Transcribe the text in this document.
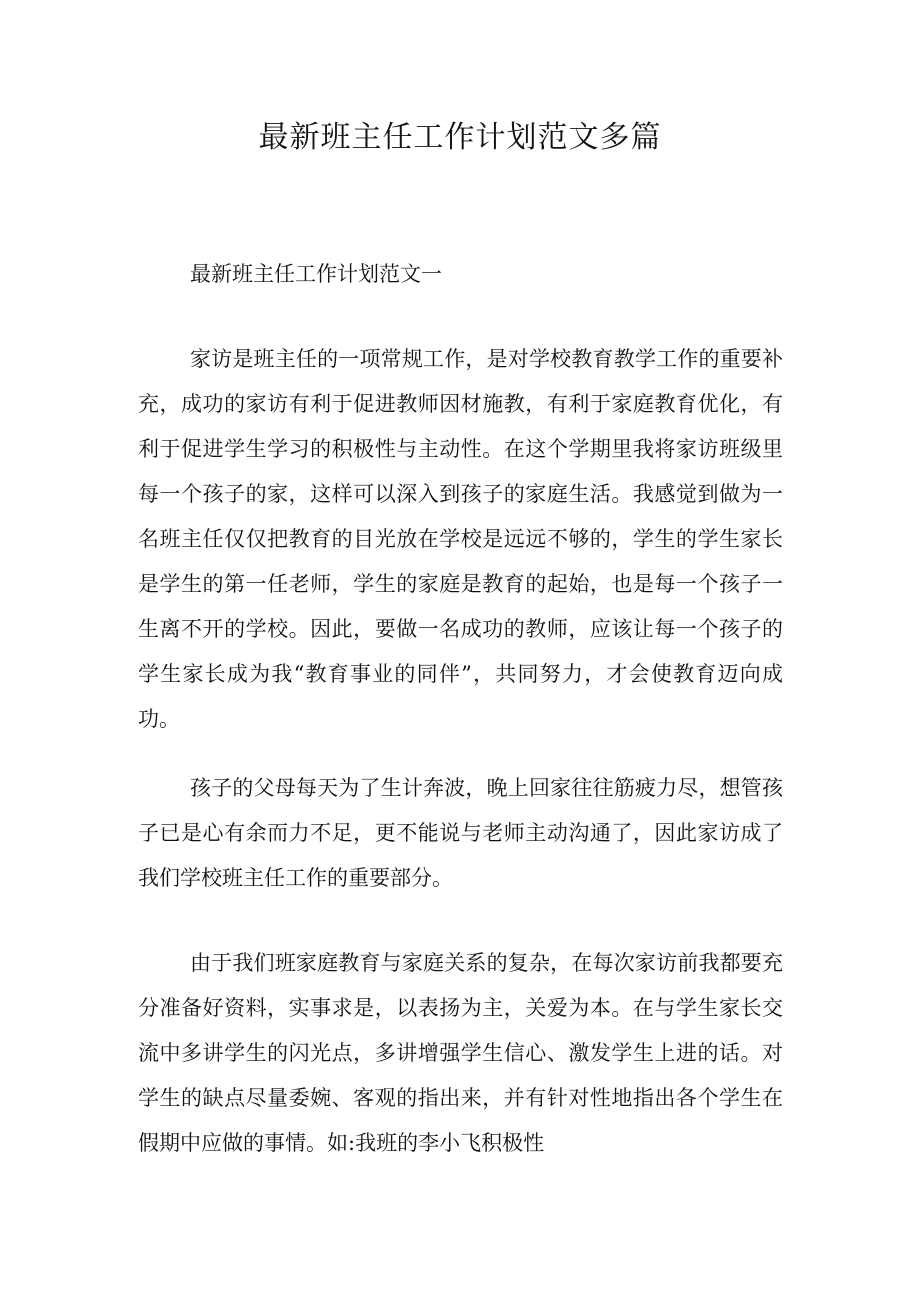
最新班主任工作计划范文多篇
最新班主任工作计划范文一

家访是班主任的一项常规工作，是对学校教育教学工作的重要补充，成功的家访有利于促进教师因材施教，有利于家庭教育优化，有利于促进学生学习的积极性与主动性。在这个学期里我将家访班级里每一个孩子的家，这样可以深入到孩子的家庭生活。我感觉到做为一名班主任仅仅把教育的目光放在学校是远远不够的，学生的学生家长是学生的第一任老师，学生的家庭是教育的起始，也是每一个孩子一生离不开的学校。因此，要做一名成功的教师，应该让每一个孩子的学生家长成为我“教育事业的同伴”，共同努力，才会使教育迈向成功。

孩子的父母每天为了生计奔波，晚上回家往往筋疲力尽，想管孩子已是心有余而力不足，更不能说与老师主动沟通了，因此家访成了我们学校班主任工作的重要部分。

由于我们班家庭教育与家庭关系的复杂，在每次家访前我都要充分准备好资料，实事求是，以表扬为主，关爱为本。在与学生家长交流中多讲学生的闪光点，多讲增强学生信心、激发学生上进的话。对学生的缺点尽量委婉、客观的指出来，并有针对性地指出各个学生在假期中应做的事情。如:我班的李小飞积极性
